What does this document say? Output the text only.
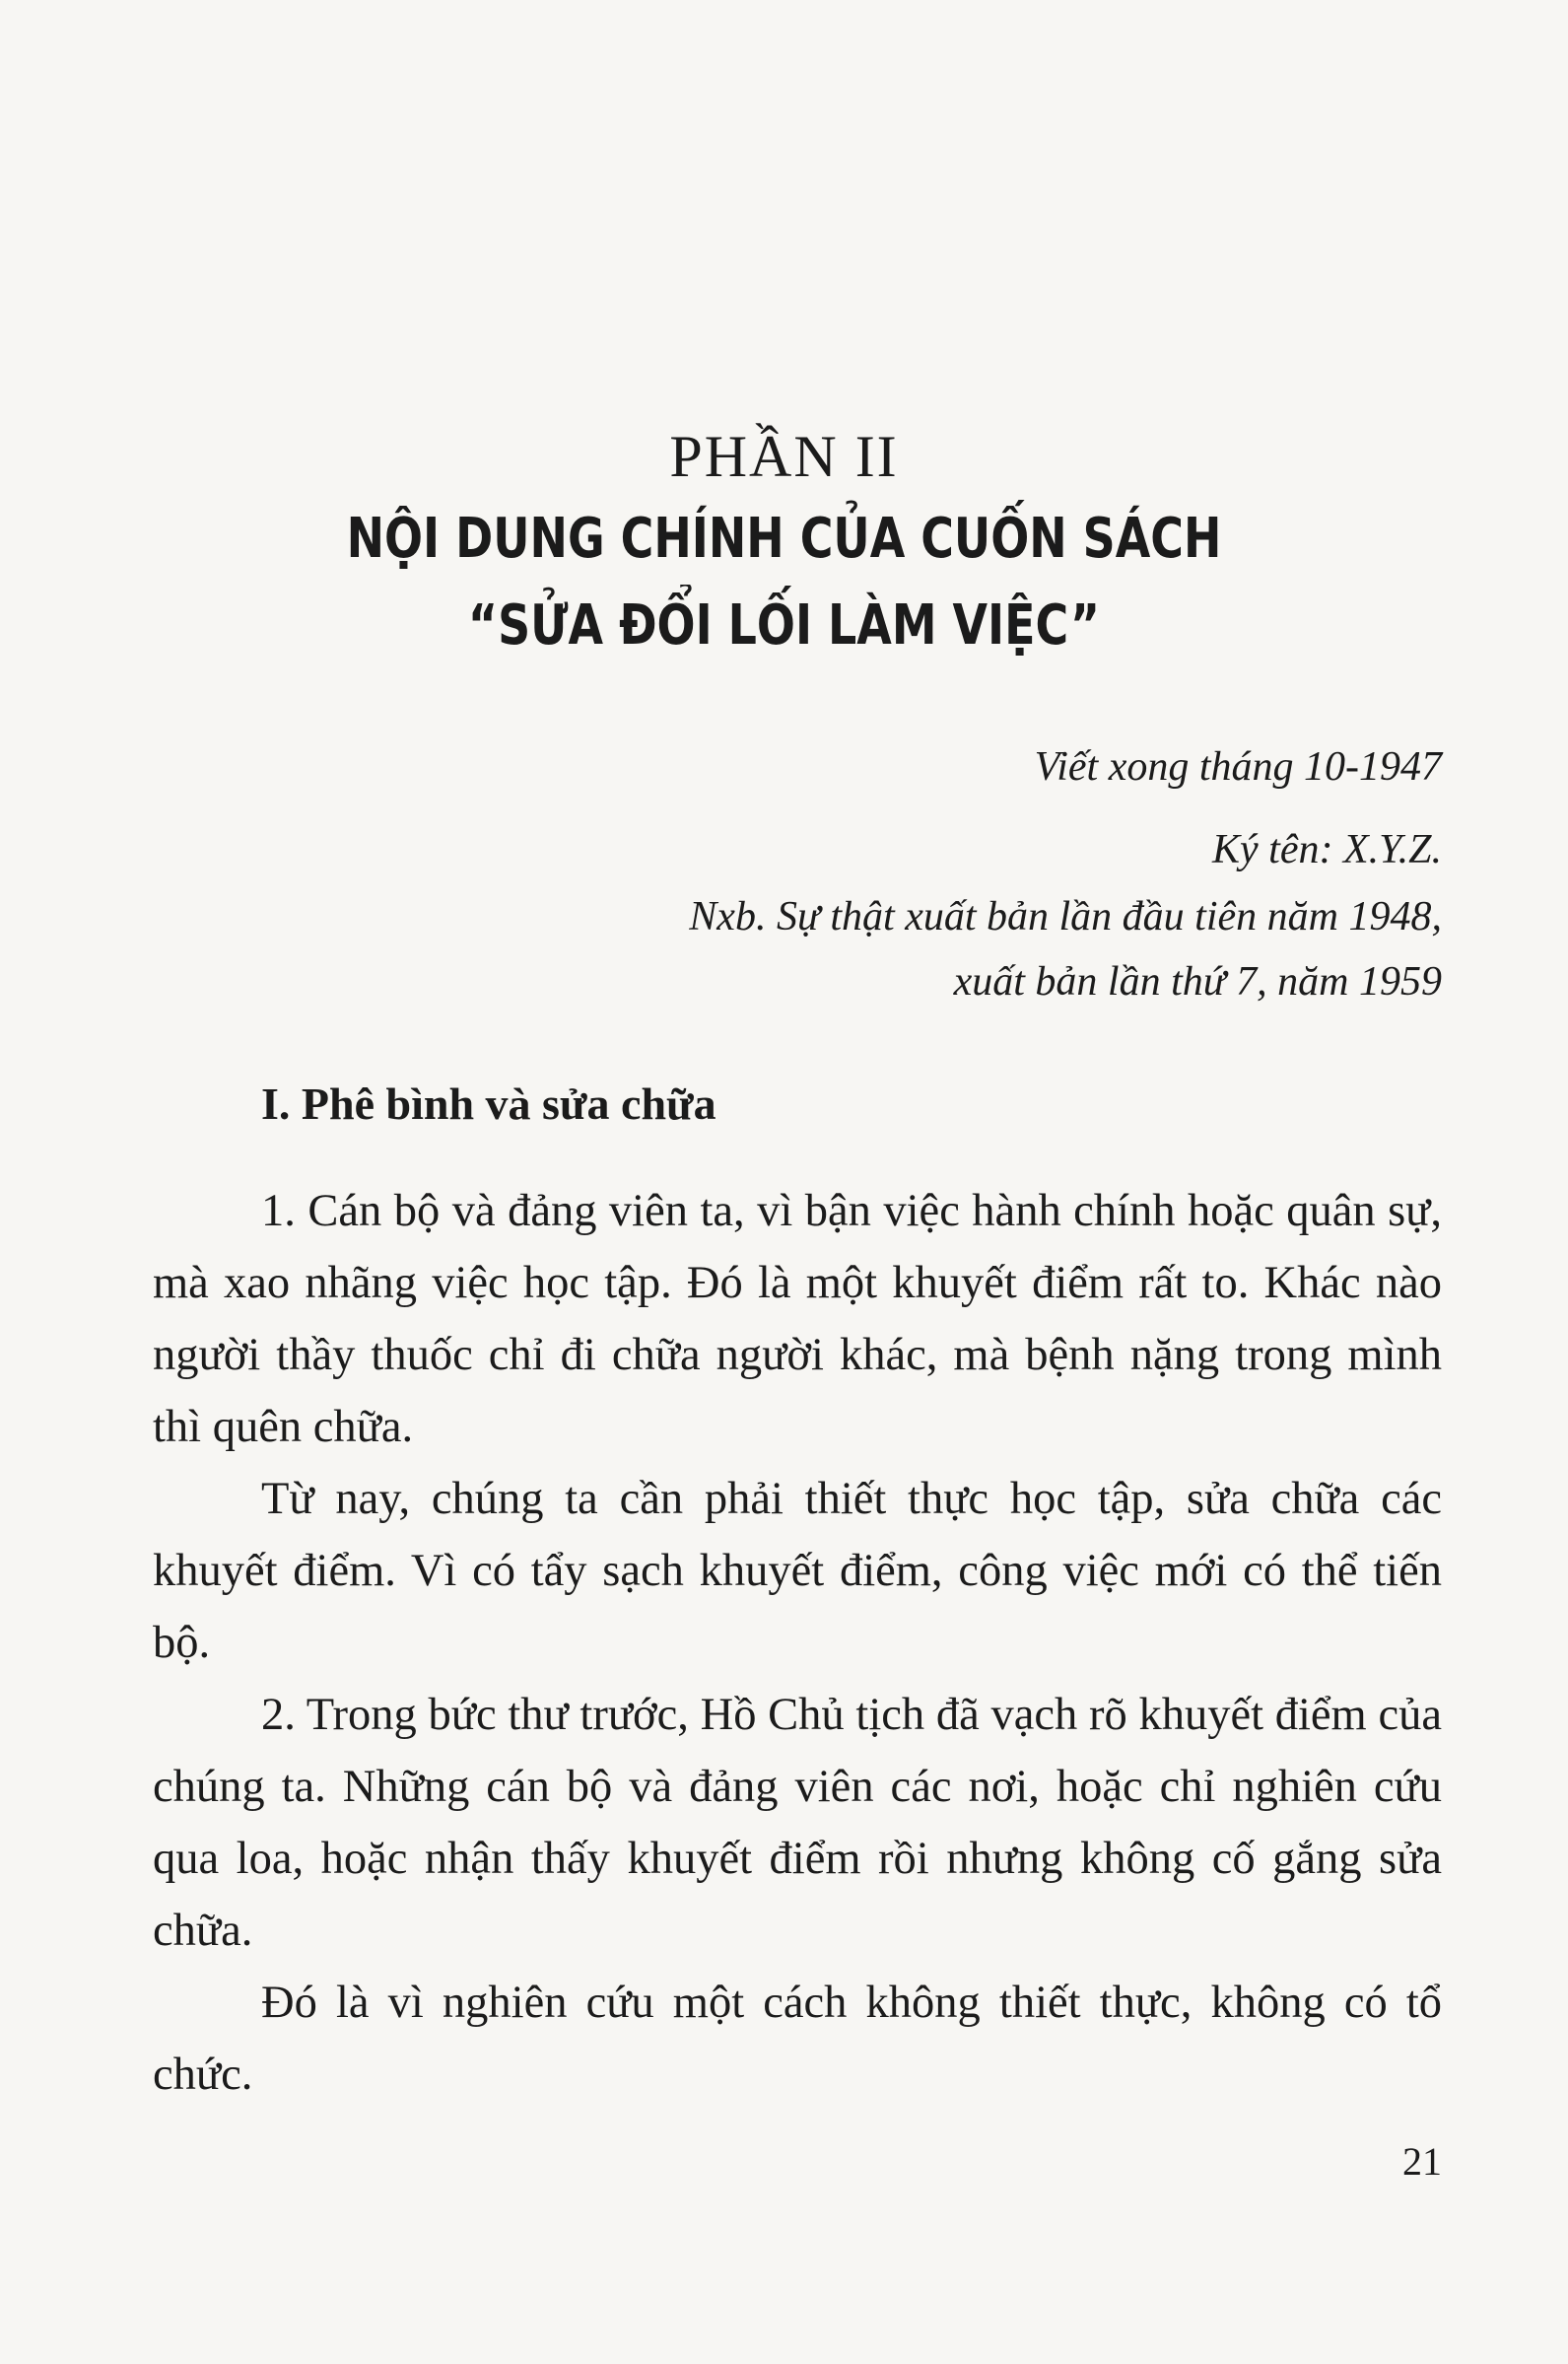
PHẦN II
NỘI DUNG CHÍNH CỦA CUỐN SÁCH
“SỬA ĐỔI LỐI LÀM VIỆC”
Viết xong tháng 10-1947
Ký tên: X.Y.Z.
Nxb. Sự thật xuất bản lần đầu tiên năm 1948,
xuất bản lần thứ 7, năm 1959
I. Phê bình và sửa chữa

1. Cán bộ và đảng viên ta, vì bận việc hành chính hoặc quân sự, mà xao nhãng việc học tập. Đó là một khuyết điểm rất to. Khác nào người thầy thuốc chỉ đi chữa người khác, mà bệnh nặng trong mình thì quên chữa.

Từ nay, chúng ta cần phải thiết thực học tập, sửa chữa các khuyết điểm. Vì có tẩy sạch khuyết điểm, công việc mới có thể tiến bộ.

2. Trong bức thư trước, Hồ Chủ tịch đã vạch rõ khuyết điểm của chúng ta. Những cán bộ và đảng viên các nơi, hoặc chỉ nghiên cứu qua loa, hoặc nhận thấy khuyết điểm rồi nhưng không cố gắng sửa chữa.

Đó là vì nghiên cứu một cách không thiết thực, không có tổ chức.

21
